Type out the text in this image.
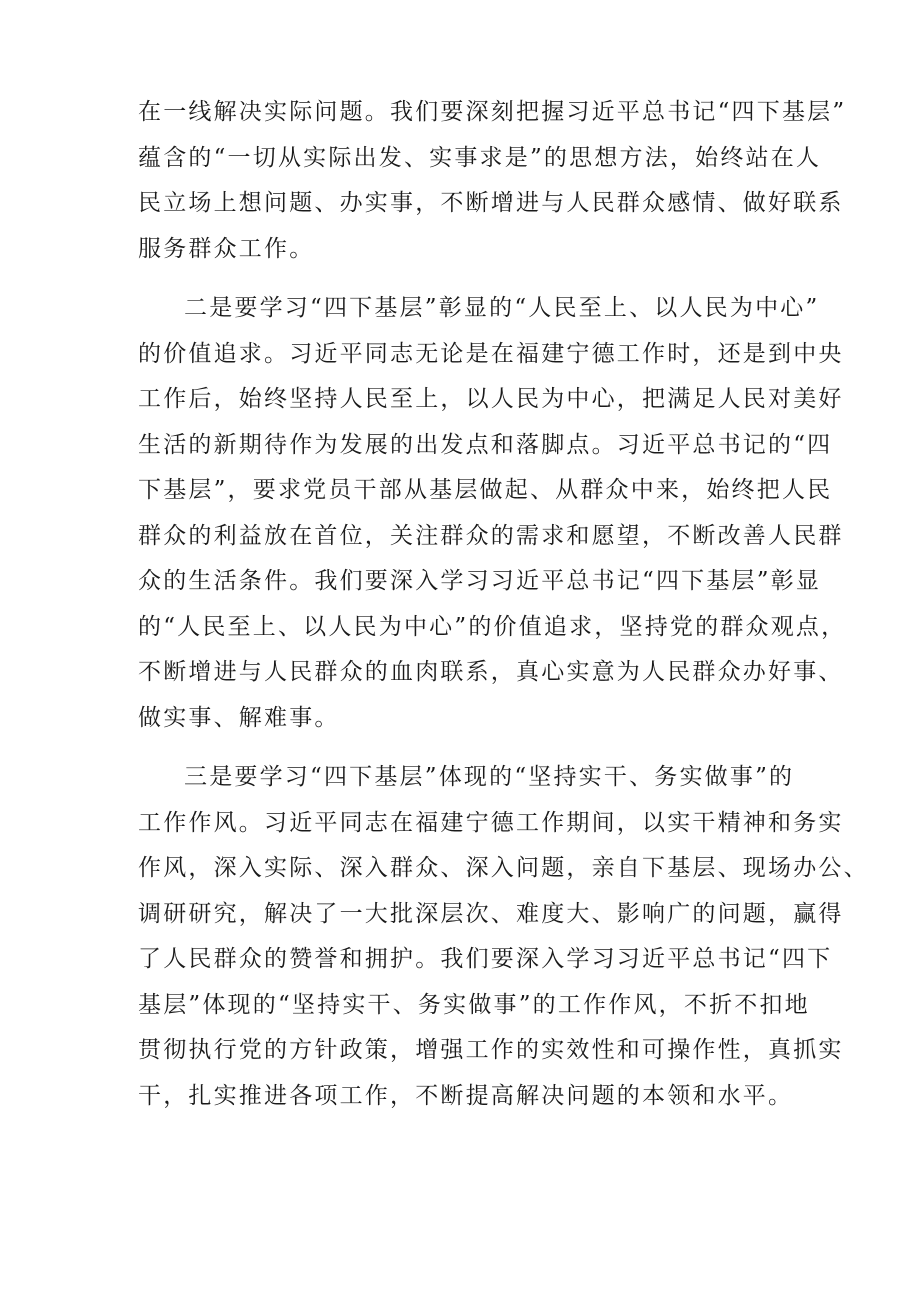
在一线解决实际问题。我们要深刻把握习近平总书记“四下基层”
蕴含的“一切从实际出发、实事求是”的思想方法，始终站在人
民立场上想问题、办实事，不断增进与人民群众感情、做好联系
服务群众工作。

二是要学习“四下基层”彰显的“人民至上、以人民为中心”
的价值追求。习近平同志无论是在福建宁德工作时，还是到中央
工作后，始终坚持人民至上，以人民为中心，把满足人民对美好
生活的新期待作为发展的出发点和落脚点。习近平总书记的“四
下基层”，要求党员干部从基层做起、从群众中来，始终把人民
群众的利益放在首位，关注群众的需求和愿望，不断改善人民群
众的生活条件。我们要深入学习习近平总书记“四下基层”彰显
的“人民至上、以人民为中心”的价值追求，坚持党的群众观点，
不断增进与人民群众的血肉联系，真心实意为人民群众办好事、
做实事、解难事。

三是要学习“四下基层”体现的“坚持实干、务实做事”的
工作作风。习近平同志在福建宁德工作期间，以实干精神和务实
作风，深入实际、深入群众、深入问题，亲自下基层、现场办公、
调研研究，解决了一大批深层次、难度大、影响广的问题，赢得
了人民群众的赞誉和拥护。我们要深入学习习近平总书记“四下
基层”体现的“坚持实干、务实做事”的工作作风，不折不扣地
贯彻执行党的方针政策，增强工作的实效性和可操作性，真抓实
干，扎实推进各项工作，不断提高解决问题的本领和水平。
